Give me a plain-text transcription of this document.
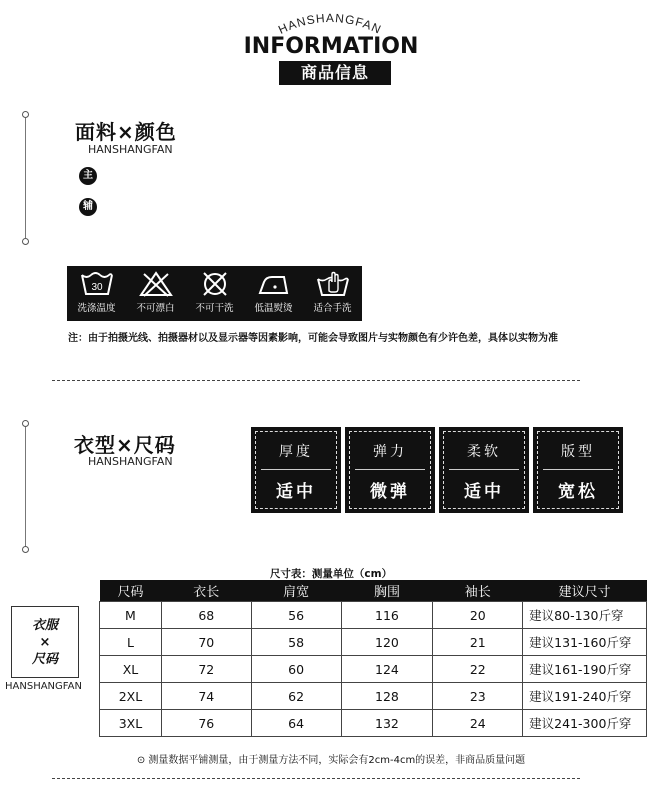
HANSHANGFAN
INFORMATION
商品信息
面料×颜色
HANSHANGFAN
主
辅
30
洗涤温度 不可漂白 不可干洗 低温熨烫 适合手洗
注：由于拍摄光线、拍摄器材以及显示器等因素影响，可能会导致图片与实物颜色有少许色差，具体以实物为准
衣型×尺码
HANSHANGFAN
厚度
适中
弹力
微弹
柔软
适中
版型
宽松
尺寸表：测量单位（cm）
衣服
×
尺码
HANSHANGFAN
尺码	衣长	肩宽	胸围	袖长	建议尺寸
M	68	56	116	20	建议80-130斤穿
L	70	58	120	21	建议131-160斤穿
XL	72	60	124	22	建议161-190斤穿
2XL	74	62	128	23	建议191-240斤穿
3XL	76	64	132	24	建议241-300斤穿
⊙ 测量数据平铺测量，由于测量方法不同，实际会有2cm-4cm的误差，非商品质量问题
